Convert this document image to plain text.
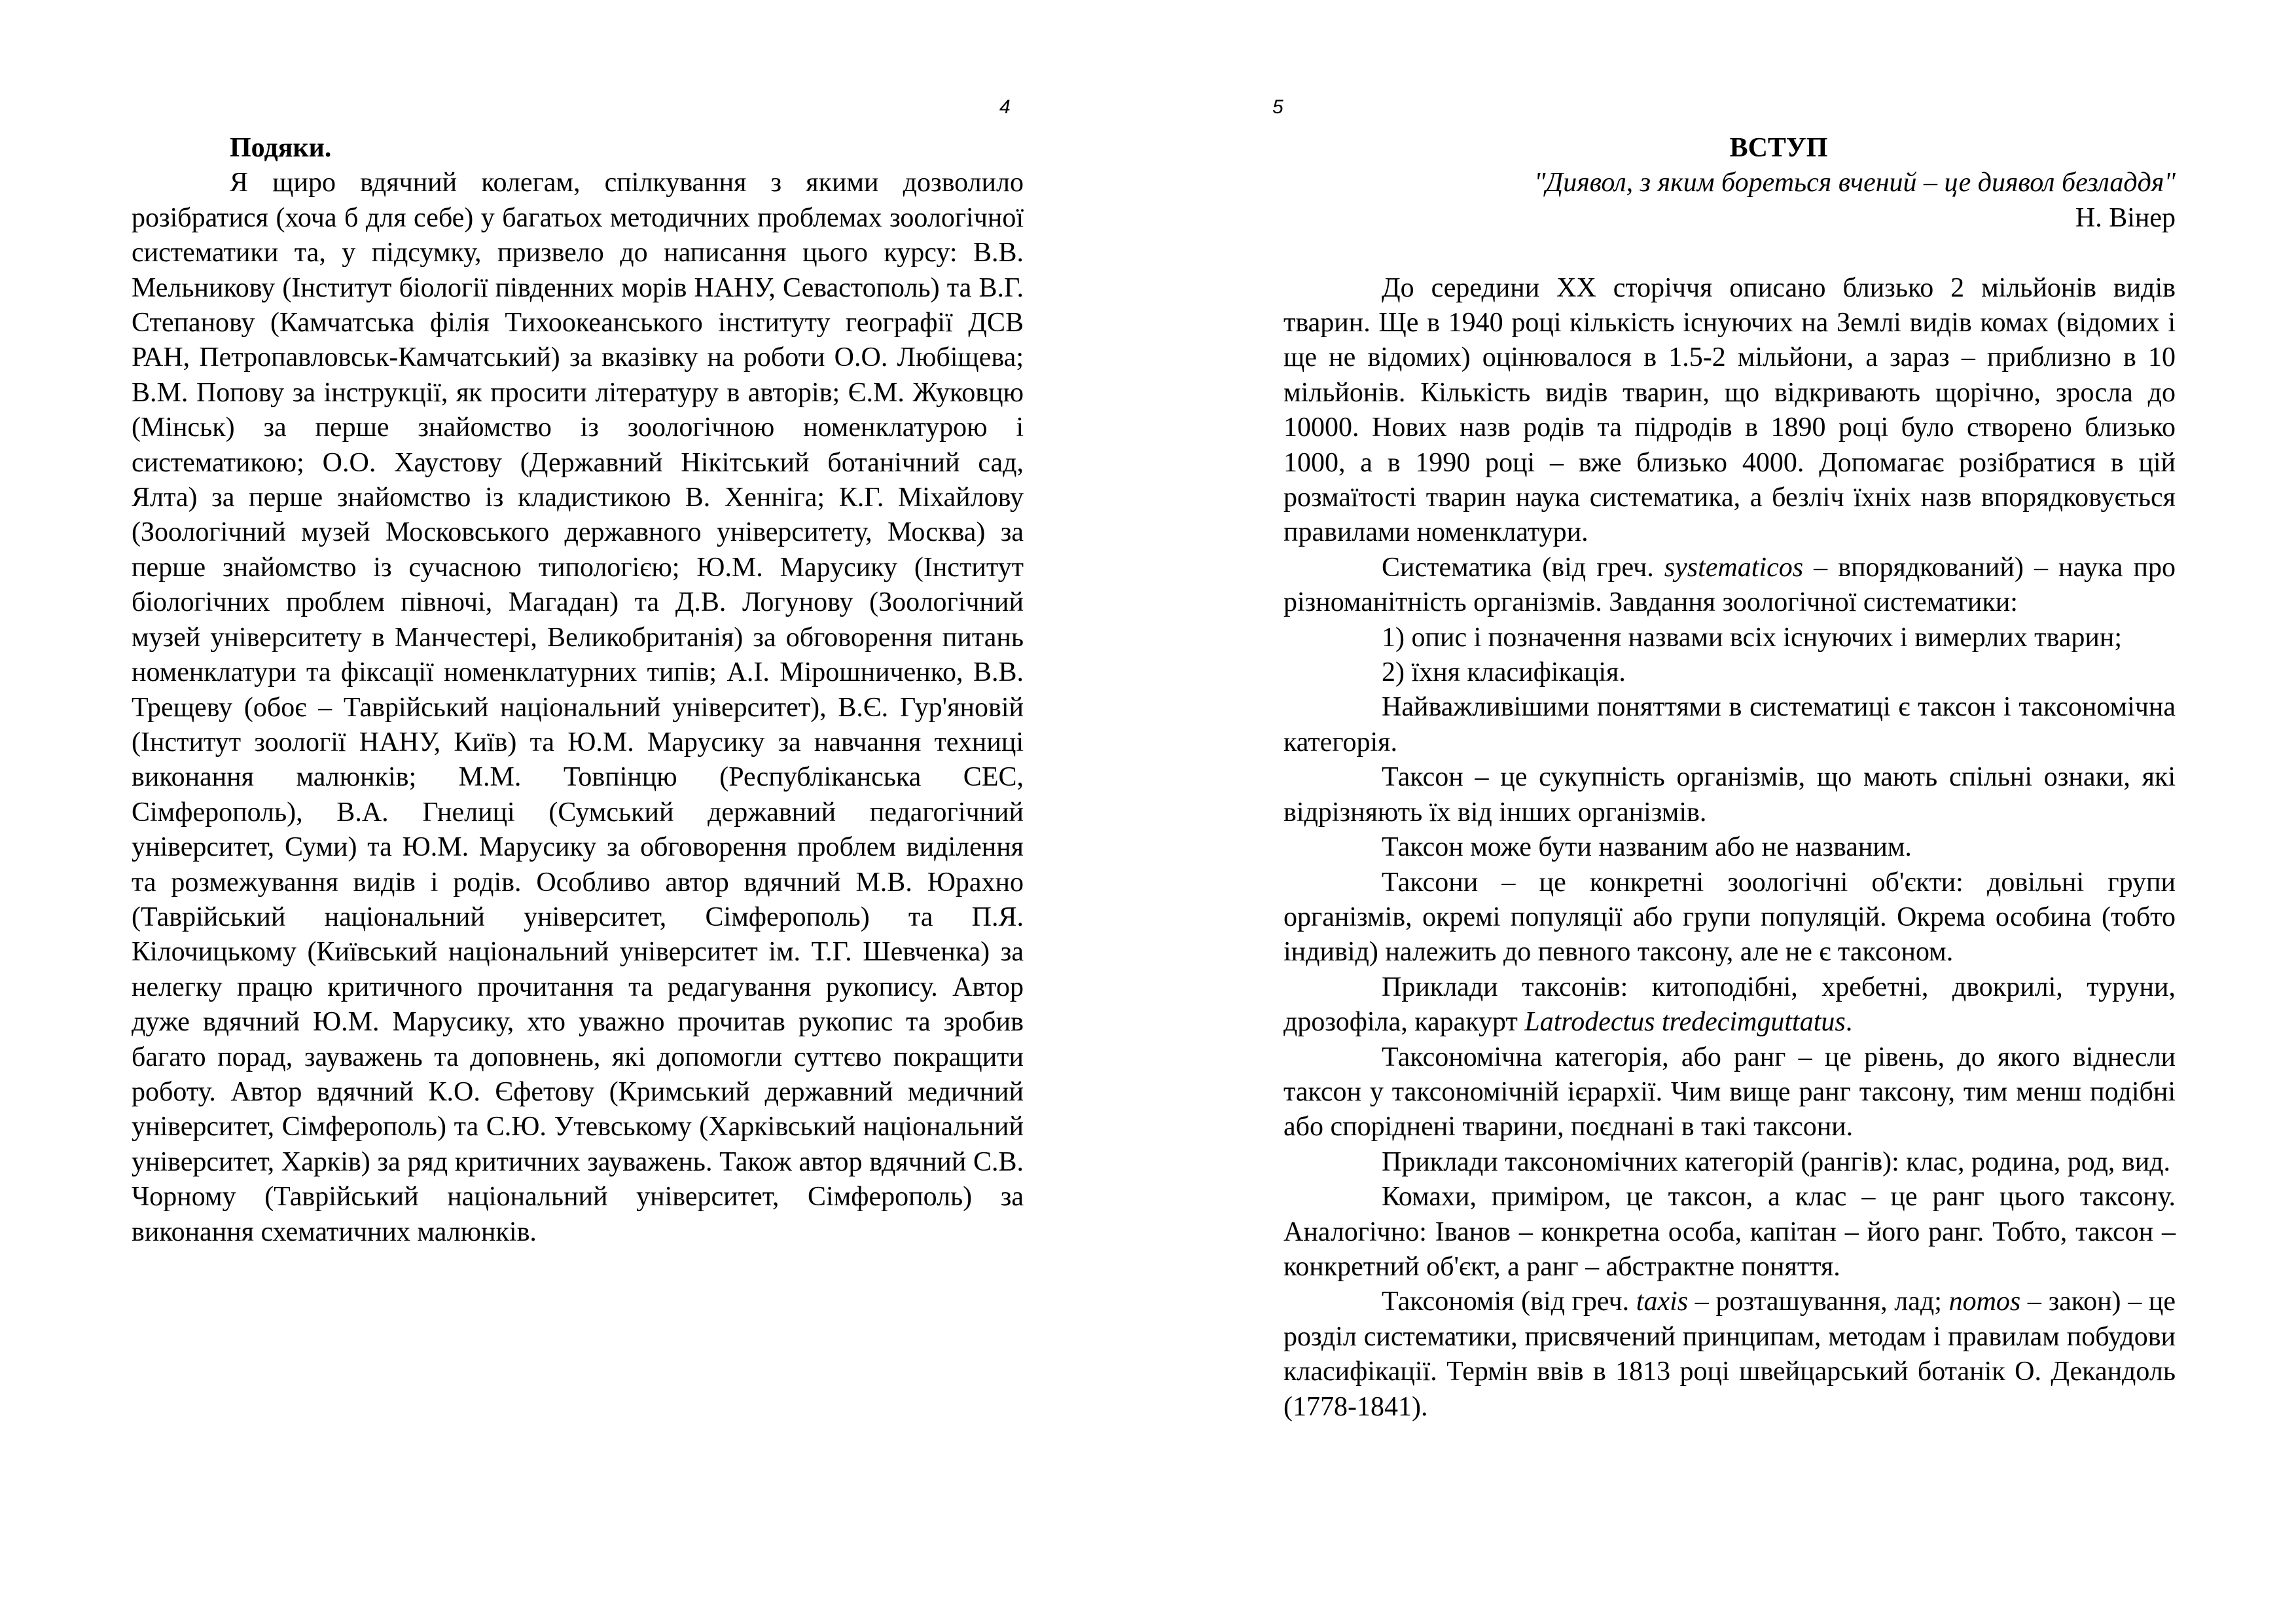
4
Подяки.

Я щиро вдячний колегам, спілкування з якими дозволило розібратися (хоча б для себе) у багатьох методичних проблемах зоологічної систематики та, у підсумку, призвело до написання цього курсу: В.В. Мельникову (Інститут біології південних морів НАНУ, Севастополь) та В.Г. Степанову (Камчатська філія Тихоокеанського інституту географії ДСВ РАН, Петропавловськ-Камчатський) за вказівку на роботи О.О. Любіщева; В.М. Попову за інструкції, як просити літературу в авторів; Є.М. Жуковцю (Мінськ) за перше знайомство із зоологічною номенклатурою і систематикою; О.О. Хаустову (Державний Нікітський ботанічний сад, Ялта) за перше знайомство із кладистикою В. Хенніга; К.Г. Міхайлову (Зоологічний музей Московського державного університету, Москва) за перше знайомство із сучасною типологією; Ю.М. Марусику (Інститут біологічних проблем півночі, Магадан) та Д.В. Логунову (Зоологічний музей університету в Манчестері, Великобританія) за обговорення питань номенклатури та фіксації номенклатурних типів; А.І. Мірошниченко, В.В. Трещеву (обоє – Таврійський національний університет), В.Є. Гур'яновій (Інститут зоології НАНУ, Київ) та Ю.М. Марусику за навчання техниці виконання малюнків; М.М. Товпінцю (Республіканська СЕС, Сімферополь), В.А. Гнелиці (Сумський державний педагогічний університет, Суми) та Ю.М. Марусику за обговорення проблем виділення та розмежування видів і родів. Особливо автор вдячний М.В. Юрахно (Таврійський національний університет, Сімферополь) та П.Я. Кілочицькому (Київський національний університет ім. Т.Г. Шевченка) за нелегку працю критичного прочитання та редагування рукопису. Автор дуже вдячний Ю.М. Марусику, хто уважно прочитав рукопис та зробив багато порад, зауважень та доповнень, які допомогли суттєво покращити роботу. Автор вдячний К.О. Єфетову (Кримський державний медичний університет, Сімферополь) та С.Ю. Утевському (Харківський національний університет, Харків) за ряд критичних зауважень. Також автор вдячний С.В. Чорному (Таврійський національний університет, Сімферополь) за виконання схематичних малюнків.

5
ВСТУП
"Диявол, з яким бореться вчений – це диявол безладдя"
Н. Вінер

До середини XX сторіччя описано близько 2 мільйонів видів тварин. Ще в 1940 році кількість існуючих на Землі видів комах (відомих і ще не відомих) оцінювалося в 1.5-2 мільйони, а зараз – приблизно в 10 мільйонів. Кількість видів тварин, що відкривають щорічно, зросла до 10000. Нових назв родів та підродів в 1890 році було створено близько 1000, а в 1990 році – вже близько 4000. Допомагає розібратися в цій розмаїтості тварин наука систематика, а безліч їхніх назв впорядковується правилами номенклатури.

Систематика (від греч. systematicos – впорядкований) – наука про різноманітність організмів. Завдання зоологічної систематики:

1) опис і позначення назвами всіх існуючих і вимерлих тварин;

2) їхня класифікація.

Найважливішими поняттями в систематиці є таксон і таксономічна категорія.

Таксон – це сукупність організмів, що мають спільні ознаки, які відрізняють їх від інших організмів.

Таксон може бути названим або не названим.

Таксони – це конкретні зоологічні об'єкти: довільні групи організмів, окремі популяції або групи популяцій. Окрема особина (тобто індивід) належить до певного таксону, але не є таксоном.

Приклади таксонів: китоподібні, хребетні, двокрилі, туруни, дрозофіла, каракурт Latrodectus tredecimguttatus.

Таксономічна категорія, або ранг – це рівень, до якого віднесли таксон у таксономічній ієрархії. Чим вище ранг таксону, тим менш подібні або споріднені тварини, поєднані в такі таксони.

Приклади таксономічних категорій (рангів): клас, родина, род, вид.

Комахи, приміром, це таксон, а клас – це ранг цього таксону. Аналогічно: Іванов – конкретна особа, капітан – його ранг. Тобто, таксон – конкретний об'єкт, а ранг – абстрактне поняття.

Таксономія (від греч. taxis – розташування, лад; nomos – закон) – це розділ систематики, присвячений принципам, методам і правилам побудови класифікації. Термін ввів в 1813 році швейцарський ботанік О. Декандоль (1778-1841).
